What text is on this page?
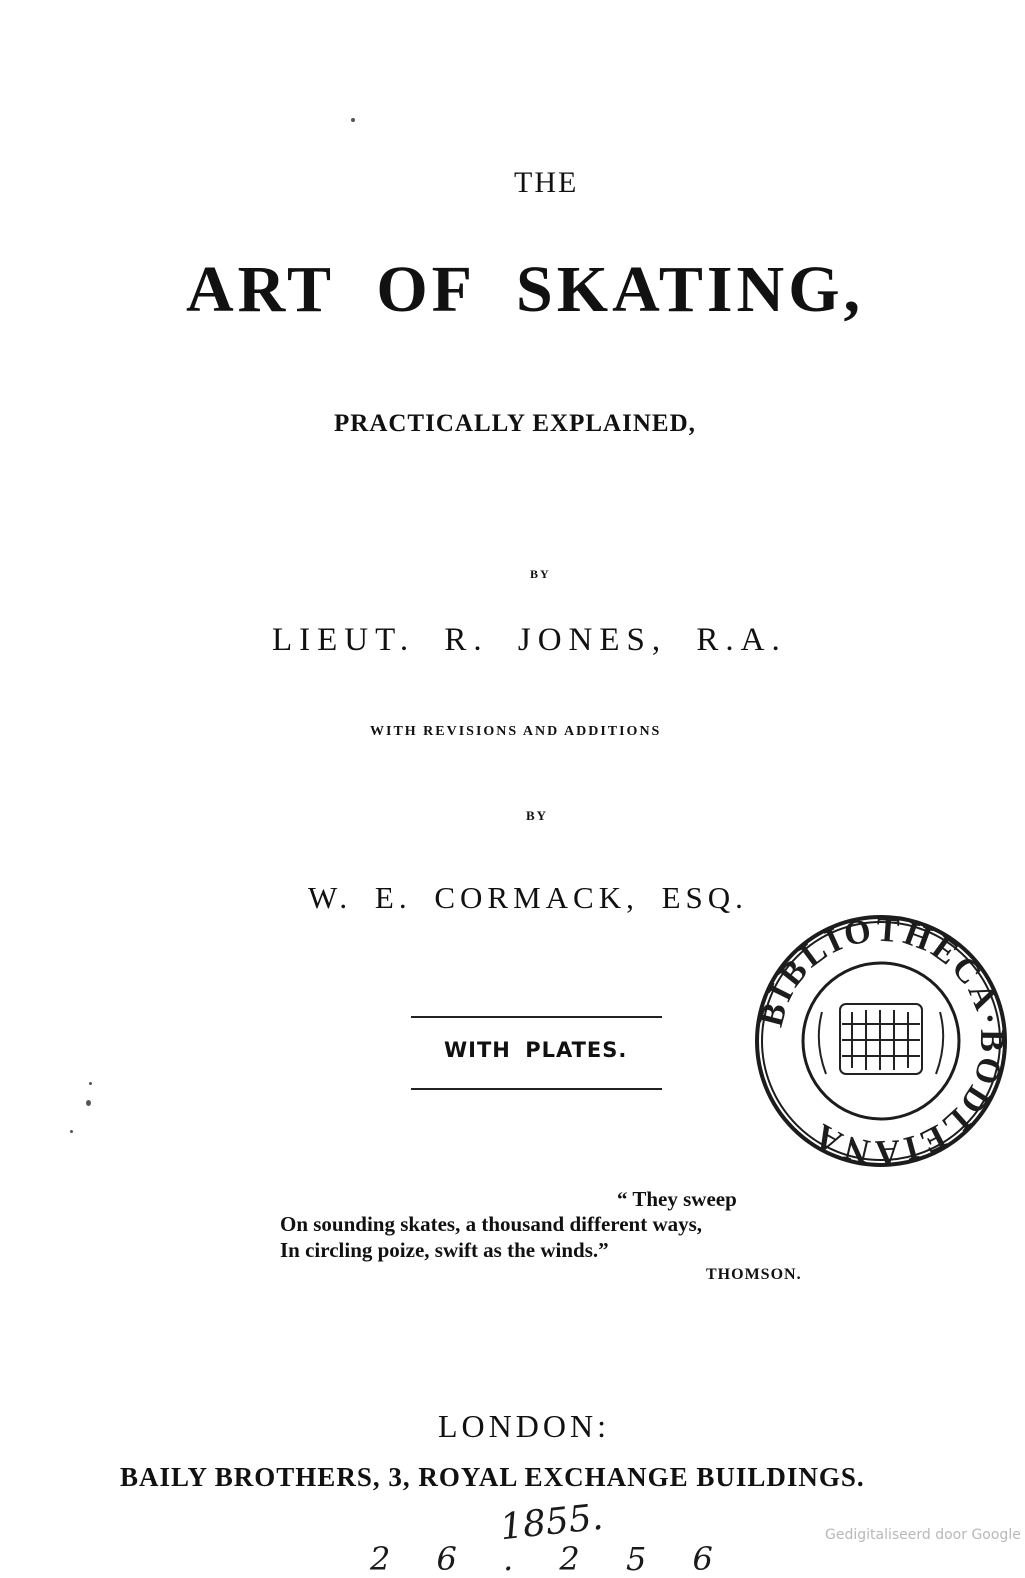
THE
ART OF SKATING,
PRACTICALLY EXPLAINED,
BY
LIEUT. R. JONES, R.A.
WITH REVISIONS AND ADDITIONS
BY
W. E. CORMACK, ESQ.
WITH PLATES.
“ They sweep
On sounding skates, a thousand different ways,
In circling poize, swift as the winds.”
THOMSON.
LONDON:
BAILY BROTHERS, 3, ROYAL EXCHANGE BUILDINGS.
1855.
2 6 . 2 5 6
Gedigitaliseerd door Google
BIBLIOTHECA·BODLEIANA
